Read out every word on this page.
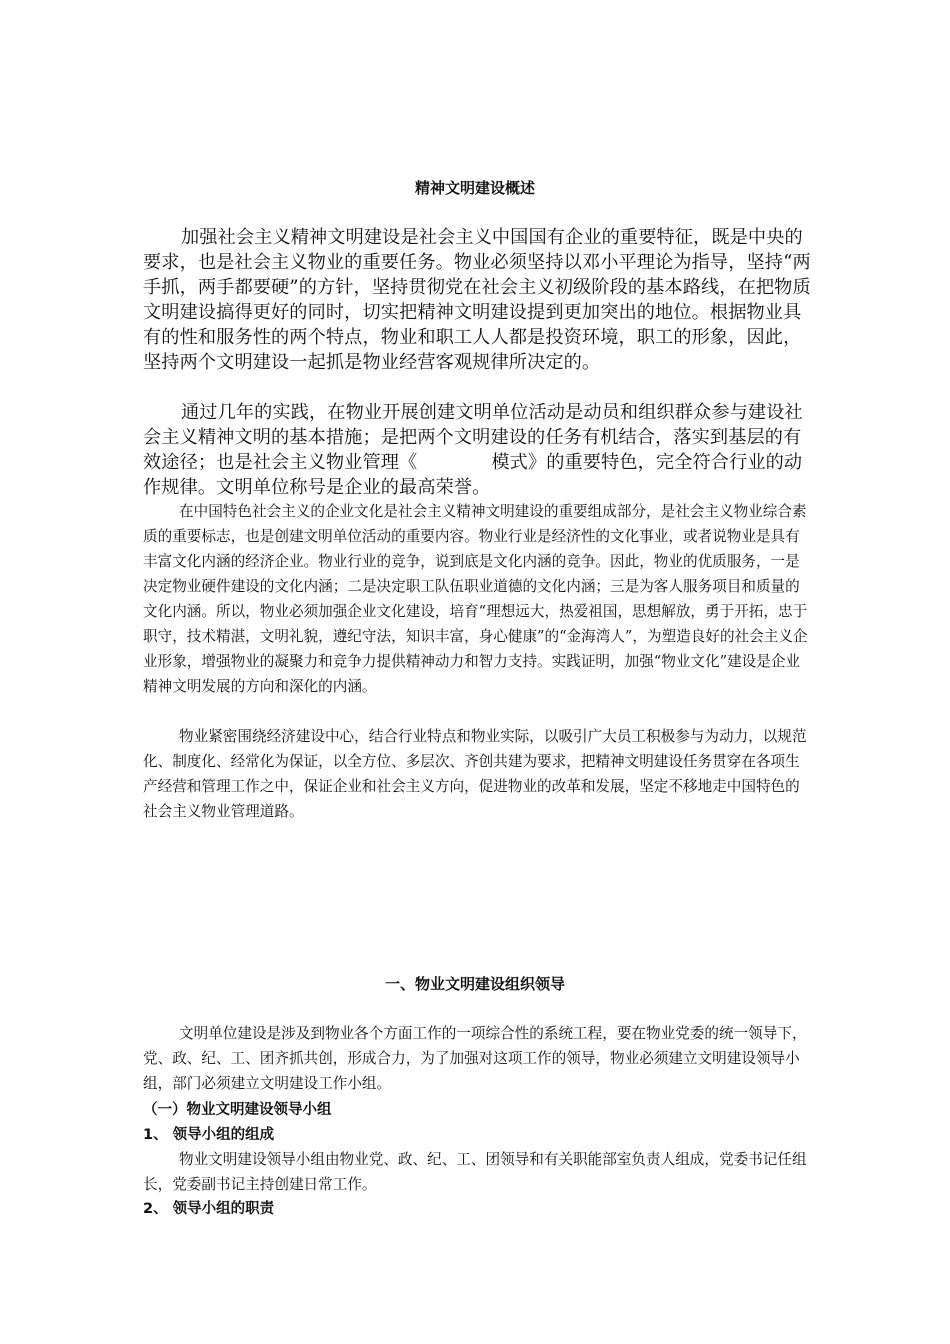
精神文明建设概述

加强社会主义精神文明建设是社会主义中国国有企业的重要特征，既是中央的要求，也是社会主义物业的重要任务。物业必须坚持以邓小平理论为指导，坚持“两手抓，两手都要硬”的方针，坚持贯彻党在社会主义初级阶段的基本路线，在把物质文明建设搞得更好的同时，切实把精神文明建设提到更加突出的地位。根据物业具有的性和服务性的两个特点，物业和职工人人都是投资环境，职工的形象，因此，坚持两个文明建设一起抓是物业经营客观规律所决定的。

通过几年的实践，在物业开展创建文明单位活动是动员和组织群众参与建设社会主义精神文明的基本措施；是把两个文明建设的任务有机结合，落实到基层的有效途径；也是社会主义物业管理《	模式》的重要特色，完全符合行业的动作规律。文明单位称号是企业的最高荣誉。

在中国特色社会主义的企业文化是社会主义精神文明建设的重要组成部分，是社会主义物业综合素质的重要标志，也是创建文明单位活动的重要内容。物业行业是经济性的文化事业，或者说物业是具有丰富文化内涵的经济企业。物业行业的竞争，说到底是文化内涵的竞争。因此，物业的优质服务，一是决定物业硬件建设的文化内涵；二是决定职工队伍职业道德的文化内涵；三是为客人服务项目和质量的文化内涵。所以，物业必须加强企业文化建设，培育“理想远大，热爱祖国，思想解放，勇于开拓，忠于职守，技术精湛，文明礼貌，遵纪守法，知识丰富，身心健康”的“金海湾人”，为塑造良好的社会主义企业形象，增强物业的凝聚力和竞争力提供精神动力和智力支持。实践证明，加强“物业文化”建设是企业精神文明发展的方向和深化的内涵。

物业紧密围绕经济建设中心，结合行业特点和物业实际，以吸引广大员工积极参与为动力，以规范化、制度化、经常化为保证，以全方位、多层次、齐创共建为要求，把精神文明建设任务贯穿在各项生产经营和管理工作之中，保证企业和社会主义方向，促进物业的改革和发展，坚定不移地走中国特色的社会主义物业管理道路。

一、物业文明建设组织领导

文明单位建设是涉及到物业各个方面工作的一项综合性的系统工程，要在物业党委的统一领导下，党、政、纪、工、团齐抓共创，形成合力，为了加强对这项工作的领导，物业必须建立文明建设领导小组，部门必须建立文明建设工作小组。

（一）物业文明建设领导小组
1、 领导小组的组成

物业文明建设领导小组由物业党、政、纪、工、团领导和有关职能部室负责人组成，党委书记任组长，党委副书记主持创建日常工作。

2、 领导小组的职责
